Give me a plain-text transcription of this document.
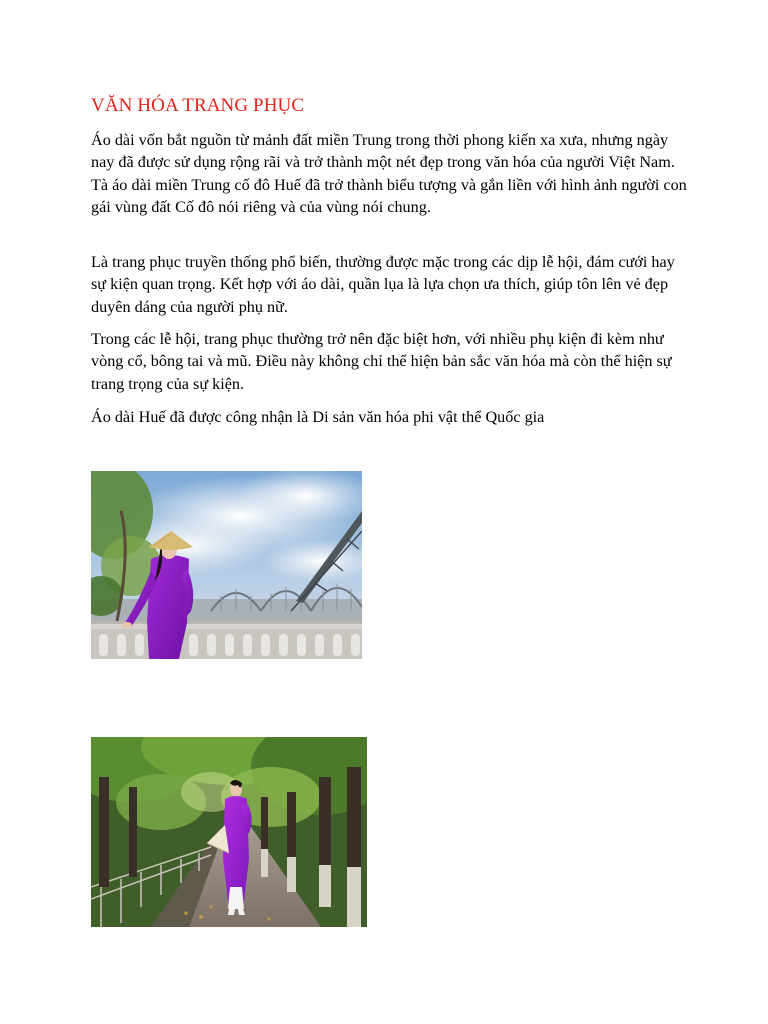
VĂN HÓA TRANG PHỤC

Áo dài vốn bắt nguồn từ mảnh đất miền Trung trong thời phong kiến xa xưa, nhưng ngày nay đã được sử dụng rộng rãi và trở thành một nét đẹp trong văn hóa của người Việt Nam. Tà áo dài miền Trung cố đô Huế đã trở thành biểu tượng và gắn liền với hình ảnh người con gái vùng đất Cố đô nói riêng và của vùng nói chung.

Là trang phục truyền thống phổ biến, thường được mặc trong các dịp lễ hội, đám cưới hay sự kiện quan trọng. Kết hợp với áo dài, quần lụa là lựa chọn ưa thích, giúp tôn lên vẻ đẹp duyên dáng của người phụ nữ.

Trong các lễ hội, trang phục thường trở nên đặc biệt hơn, với nhiều phụ kiện đi kèm như vòng cổ, bông tai và mũ. Điều này không chỉ thể hiện bản sắc văn hóa mà còn thể hiện sự trang trọng của sự kiện.

Áo dài Huế đã được công nhận là Di sản văn hóa phi vật thể Quốc gia
